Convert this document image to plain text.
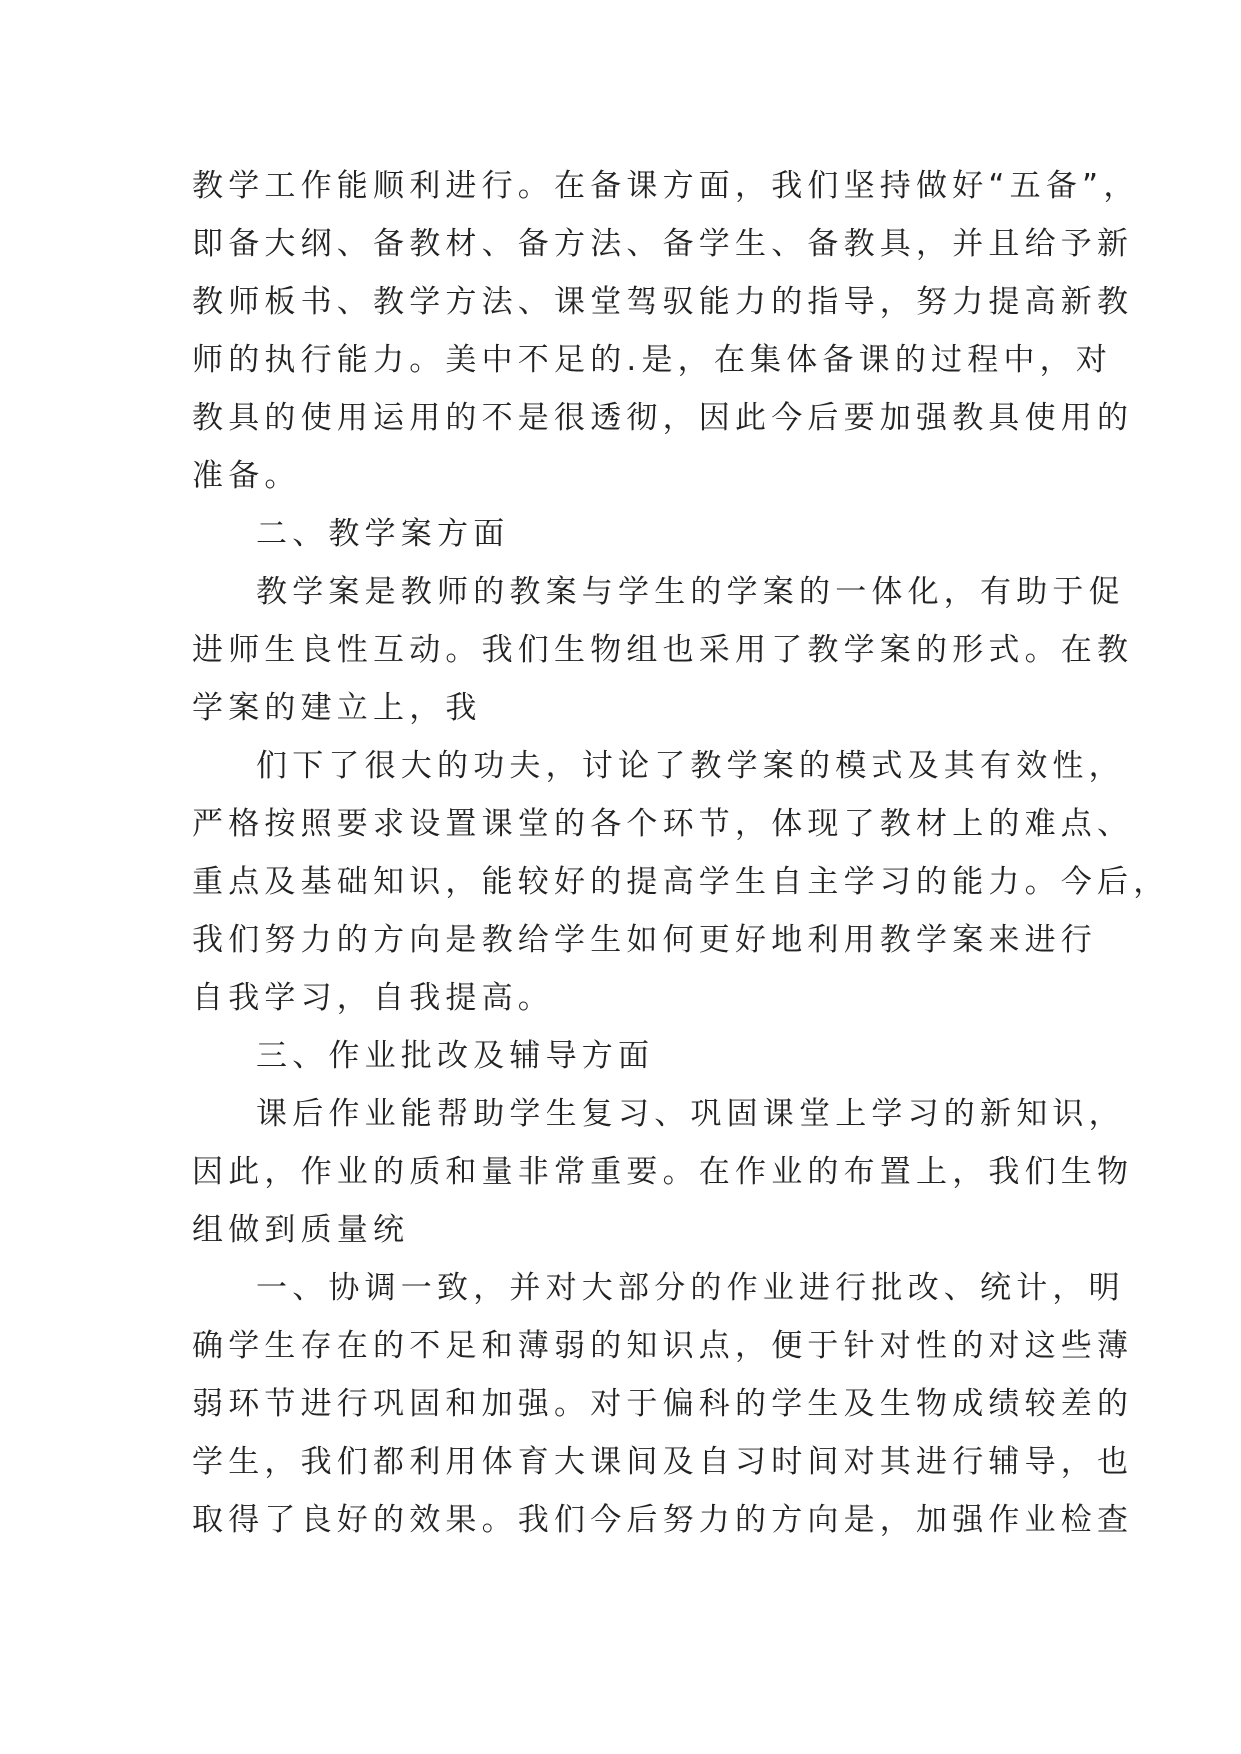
教学工作能顺利进行。在备课方面，我们坚持做好“五备”，
即备大纲、备教材、备方法、备学生、备教具，并且给予新
教师板书、教学方法、课堂驾驭能力的指导，努力提高新教
师的执行能力。美中不足的.是，在集体备课的过程中，对
教具的使用运用的不是很透彻，因此今后要加强教具使用的
准备。
二、教学案方面
教学案是教师的教案与学生的学案的一体化，有助于促
进师生良性互动。我们生物组也采用了教学案的形式。在教
学案的建立上，我
们下了很大的功夫，讨论了教学案的模式及其有效性，
严格按照要求设置课堂的各个环节，体现了教材上的难点、
重点及基础知识，能较好的提高学生自主学习的能力。今后，
我们努力的方向是教给学生如何更好地利用教学案来进行
自我学习，自我提高。
三、作业批改及辅导方面
课后作业能帮助学生复习、巩固课堂上学习的新知识，
因此，作业的质和量非常重要。在作业的布置上，我们生物
组做到质量统
一、协调一致，并对大部分的作业进行批改、统计，明
确学生存在的不足和薄弱的知识点，便于针对性的对这些薄
弱环节进行巩固和加强。对于偏科的学生及生物成绩较差的
学生，我们都利用体育大课间及自习时间对其进行辅导，也
取得了良好的效果。我们今后努力的方向是，加强作业检查
